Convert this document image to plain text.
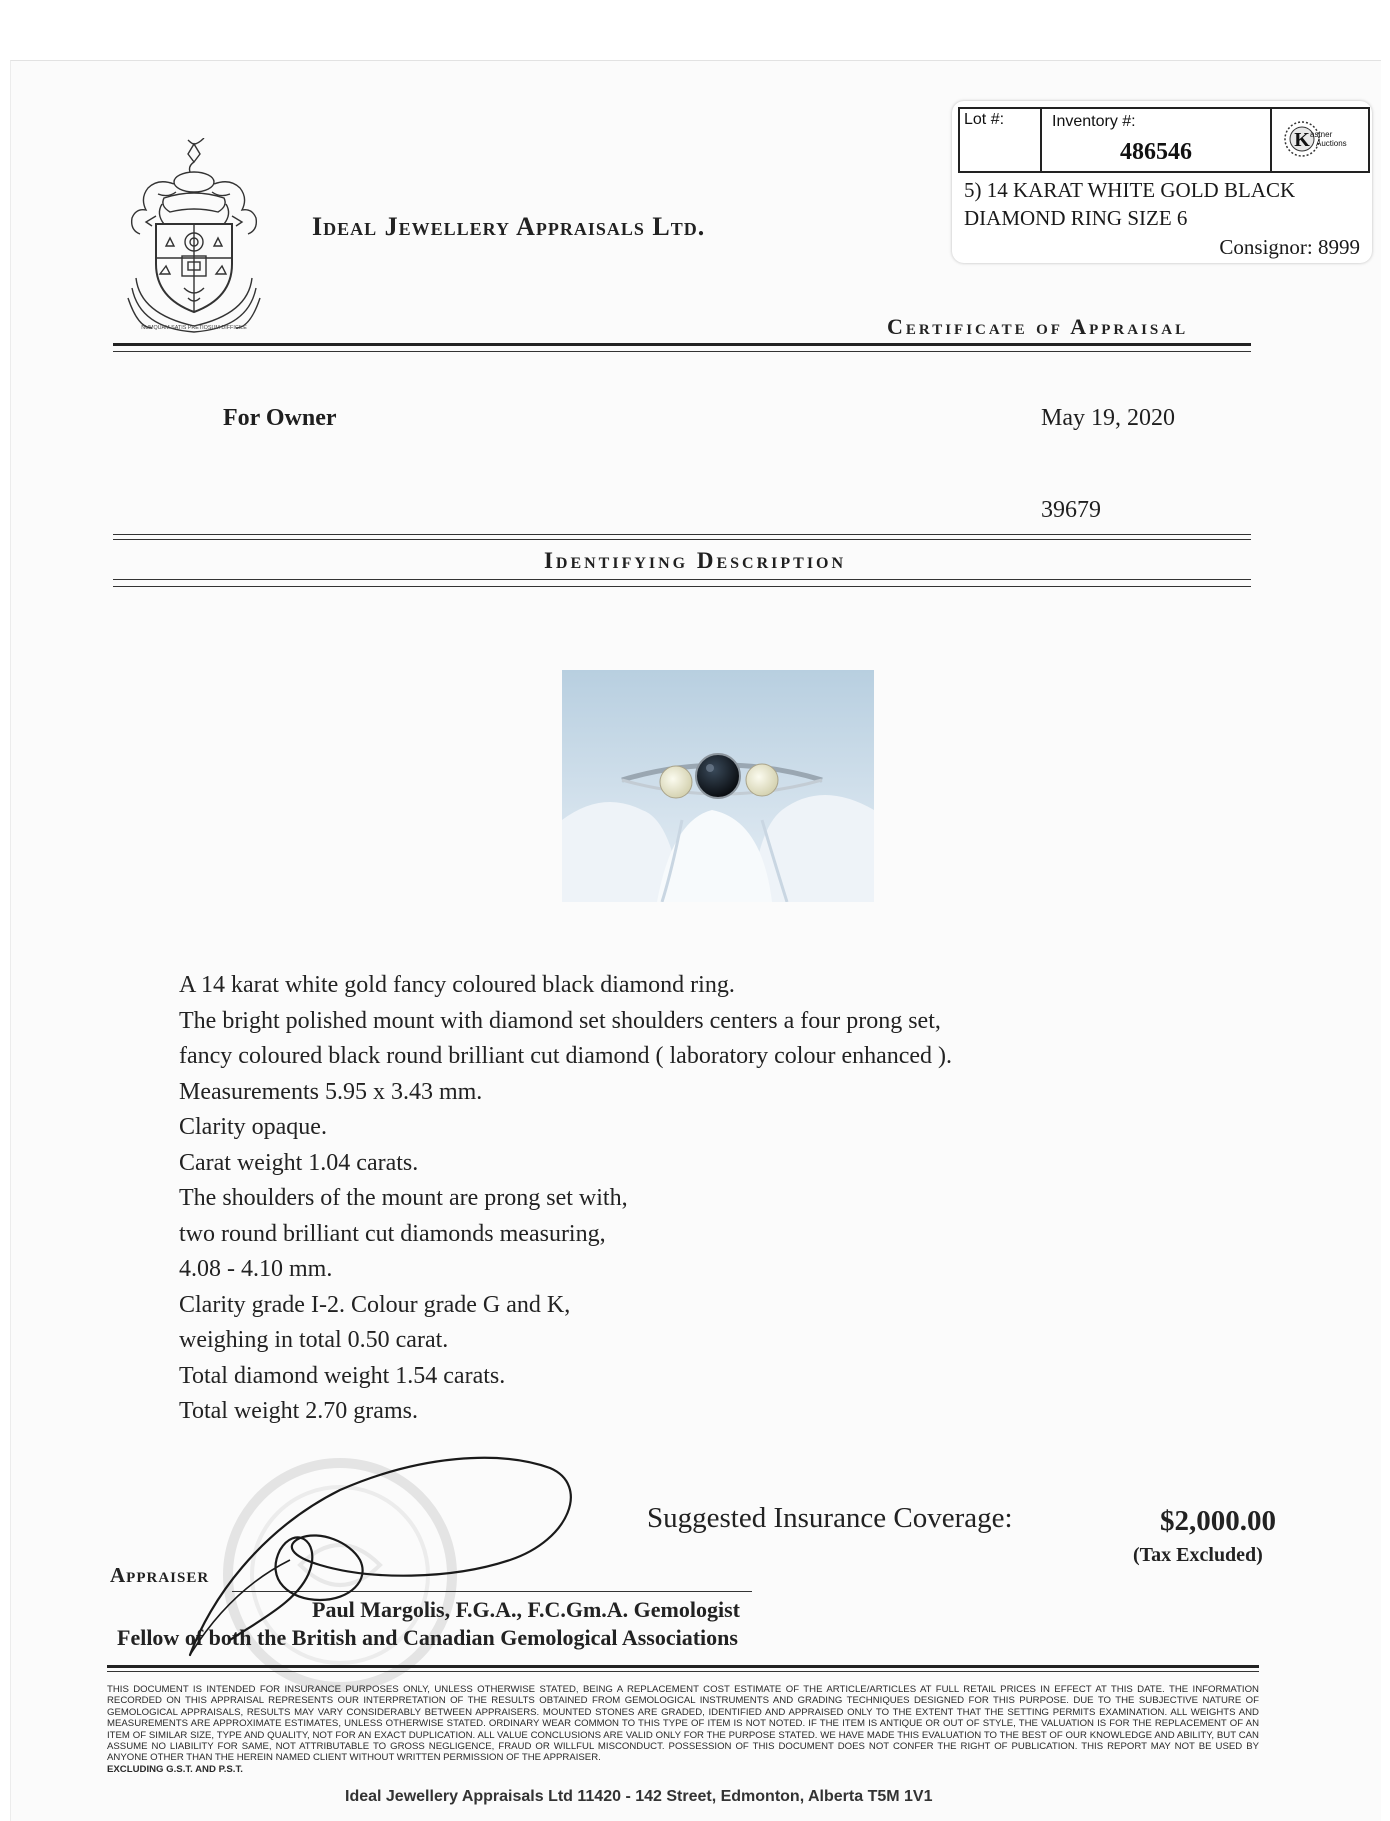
Lot #:	Inventory #:
486546	K astner
Auctions
5) 14 KARAT WHITE GOLD BLACK
DIAMOND RING SIZE 6
Consignor: 8999
NUMQUAM SATIS PRETIOSUM DIFFICILE
Ideal Jewellery Appraisals Ltd.
Certificate of Appraisal
For Owner	May 19, 2020
39679
Identifying Description
A 14 karat white gold fancy coloured black diamond ring.
The bright polished mount with diamond set shoulders centers a four prong set,
fancy coloured black round brilliant cut diamond ( laboratory colour enhanced ).
Measurements 5.95 x 3.43 mm.
Clarity opaque.
Carat weight 1.04 carats.
The shoulders of the mount are prong set with,
two round brilliant cut diamonds measuring,
4.08 - 4.10 mm.
Clarity grade I-2. Colour grade G and K,
weighing in total 0.50 carat.
Total diamond weight 1.54 carats.
Total weight 2.70 grams.
Suggested Insurance Coverage:	$2,000.00
(Tax Excluded)
Appraiser
Paul Margolis, F.G.A., F.C.Gm.A. Gemologist
Fellow of both the British and Canadian Gemological Associations
THIS DOCUMENT IS INTENDED FOR INSURANCE PURPOSES ONLY, UNLESS OTHERWISE STATED, BEING A REPLACEMENT COST ESTIMATE OF THE ARTICLE/ARTICLES AT FULL RETAIL PRICES IN EFFECT AT THIS DATE. THE INFORMATION RECORDED ON THIS APPRAISAL REPRESENTS OUR INTERPRETATION OF THE RESULTS OBTAINED FROM GEMOLOGICAL INSTRUMENTS AND GRADING TECHNIQUES DESIGNED FOR THIS PURPOSE. DUE TO THE SUBJECTIVE NATURE OF GEMOLOGICAL APPRAISALS, RESULTS MAY VARY CONSIDERABLY BETWEEN APPRAISERS. MOUNTED STONES ARE GRADED, IDENTIFIED AND APPRAISED ONLY TO THE EXTENT THAT THE SETTING PERMITS EXAMINATION. ALL WEIGHTS AND MEASUREMENTS ARE APPROXIMATE ESTIMATES, UNLESS OTHERWISE STATED. ORDINARY WEAR COMMON TO THIS TYPE OF ITEM IS NOT NOTED. IF THE ITEM IS ANTIQUE OR OUT OF STYLE, THE VALUATION IS FOR THE REPLACEMENT OF AN ITEM OF SIMILAR SIZE, TYPE AND QUALITY, NOT FOR AN EXACT DUPLICATION. ALL VALUE CONCLUSIONS ARE VALID ONLY FOR THE PURPOSE STATED. WE HAVE MADE THIS EVALUATION TO THE BEST OF OUR KNOWLEDGE AND ABILITY, BUT CAN ASSUME NO LIABILITY FOR SAME, NOT ATTRIBUTABLE TO GROSS NEGLIGENCE, FRAUD OR WILLFUL MISCONDUCT. POSSESSION OF THIS DOCUMENT DOES NOT CONFER THE RIGHT OF PUBLICATION. THIS REPORT MAY NOT BE USED BY ANYONE OTHER THAN THE HEREIN NAMED CLIENT WITHOUT WRITTEN PERMISSION OF THE APPRAISER.
EXCLUDING G.S.T. AND P.S.T.
Ideal Jewellery Appraisals Ltd 11420 - 142 Street, Edmonton, Alberta T5M 1V1
